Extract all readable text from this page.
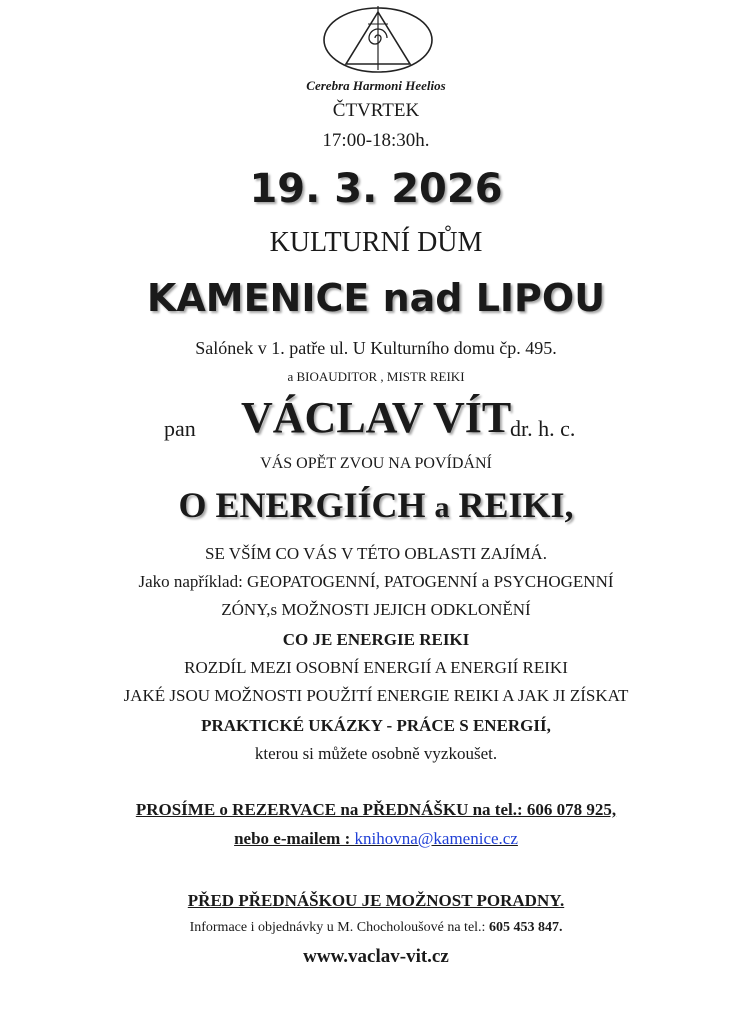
Cerebra Harmoni Heelios
ČTVRTEK
17:00-18:30h.
19. 3. 2026
KULTURNÍ DŮM
KAMENICE nad LIPOU
Salónek v 1. patře ul. U Kulturního domu čp. 495.
a BIOAUDITOR , MISTR REIKI
pan VÁCLAV VÍT
dr. h. c.
VÁS OPĚT ZVOU NA POVÍDÁNÍ
O ENERGIÍCH a REIKI,
SE VŠÍM CO VÁS V TÉTO OBLASTI ZAJÍMÁ.
Jako například: GEOPATOGENNÍ, PATOGENNÍ a PSYCHOGENNÍ
ZÓNY,s MOŽNOSTI JEJICH ODKLONĚNÍ
CO JE ENERGIE REIKI
ROZDÍL MEZI OSOBNÍ ENERGIÍ A ENERGIÍ REIKI
JAKÉ JSOU MOŽNOSTI POUŽITÍ ENERGIE REIKI A JAK JI ZÍSKAT
PRAKTICKÉ UKÁZKY - PRÁCE S ENERGIÍ,
kterou si můžete osobně vyzkoušet.
PROSÍME o REZERVACE na PŘEDNÁŠKU na tel.: 606 078 925,
nebo e-mailem : knihovna@kamenice.cz
PŘED PŘEDNÁŠKOU JE MOŽNOST PORADNY.
Informace i objednávky u M. Chocholoušové na tel.: 605 453 847.
www.vaclav-vit.cz
